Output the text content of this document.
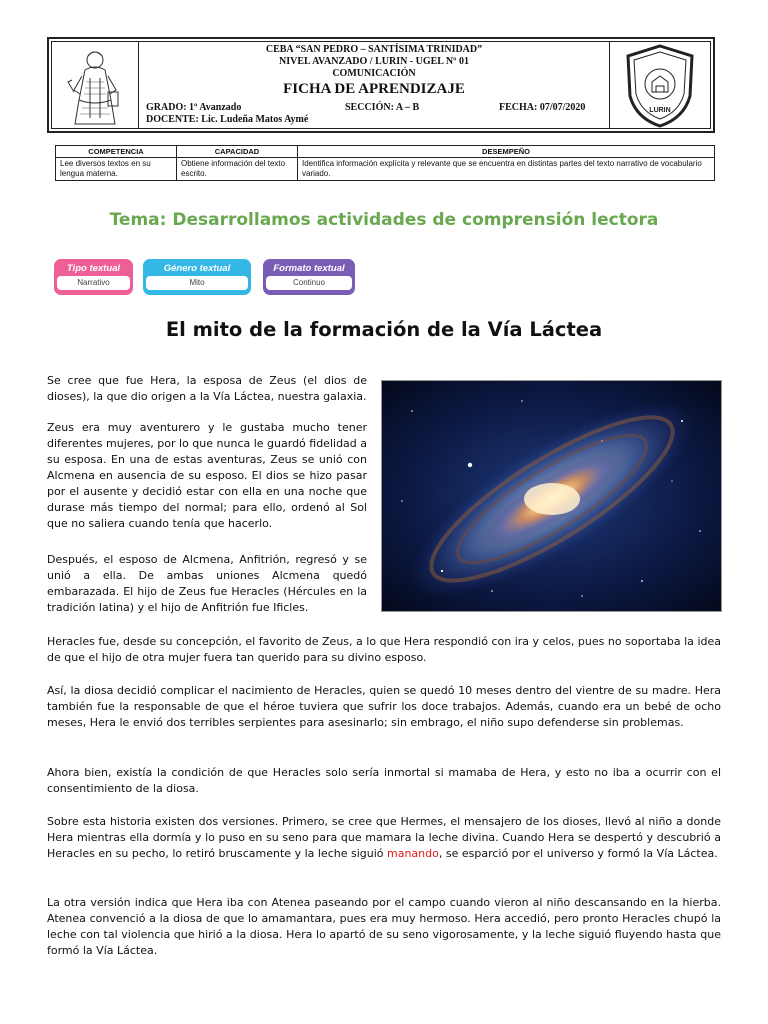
CEBA “SAN PEDRO – SANTÍSIMA TRINIDAD”
NIVEL AVANZADO / LURIN - UGEL Nº 01
COMUNICACIÓN
FICHA DE APRENDIZAJE
GRADO: 1º Avanzado	SECCIÓN: A – B	FECHA: 07/07/2020
DOCENTE: Lic. Ludeña Matos Aymé
LURIN
COMPETENCIA	CAPACIDAD	DESEMPEÑO
Lee diversos textos en su lengua materna.	Obtiene información del texto escrito.	Identifica información explícita y relevante que se encuentra en distintas partes del texto narrativo de vocabulario variado.
Tema: Desarrollamos actividades de comprensión lectora
Tipo textual
Narrativo
Género textual
Mito
Formato textual
Continuo
El mito de la formación de la Vía Láctea
Se cree que fue Hera, la esposa de Zeus (el dios de dioses), la que dio origen a la Vía Láctea, nuestra galaxia.
Zeus era muy aventurero y le gustaba mucho tener diferentes mujeres, por lo que nunca le guardó fidelidad a su esposa. En una de estas aventuras, Zeus se unió con Alcmena en ausencia de su esposo. El dios se hizo pasar por el ausente y decidió estar con ella en una noche que durase más tiempo del normal; para ello, ordenó al Sol que no saliera cuando tenía que hacerlo.
Después, el esposo de Alcmena, Anfitrión, regresó y se unió a ella. De ambas uniones Alcmena quedó embarazada. El hijo de Zeus fue Heracles (Hércules en la tradición latina) y el hijo de Anfitrión fue Ificles.
Heracles fue, desde su concepción, el favorito de Zeus, a lo que Hera respondió con ira y celos, pues no soportaba la idea de que el hijo de otra mujer fuera tan querido para su divino esposo.
Así, la diosa decidió complicar el nacimiento de Heracles, quien se quedó 10 meses dentro del vientre de su madre. Hera también fue la responsable de que el héroe tuviera que sufrir los doce trabajos. Además, cuando era un bebé de ocho meses, Hera le envió dos terribles serpientes para asesinarlo; sin embrago, el niño supo defenderse sin problemas.
Ahora bien, existía la condición de que Heracles solo sería inmortal si mamaba de Hera, y esto no iba a ocurrir con el consentimiento de la diosa.
Sobre esta historia existen dos versiones. Primero, se cree que Hermes, el mensajero de los dioses, llevó al niño a donde Hera mientras ella dormía y lo puso en su seno para que mamara la leche divina. Cuando Hera se despertó y descubrió a Heracles en su pecho, lo retiró bruscamente y la leche siguió manando, se esparció por el universo y formó la Vía Láctea.
La otra versión indica que Hera iba con Atenea paseando por el campo cuando vieron al niño descansando en la hierba. Atenea convenció a la diosa de que lo amamantara, pues era muy hermoso. Hera accedió, pero pronto Heracles chupó la leche con tal violencia que hirió a la diosa. Hera lo apartó de su seno vigorosamente, y la leche siguió fluyendo hasta que formó la Vía Láctea.
